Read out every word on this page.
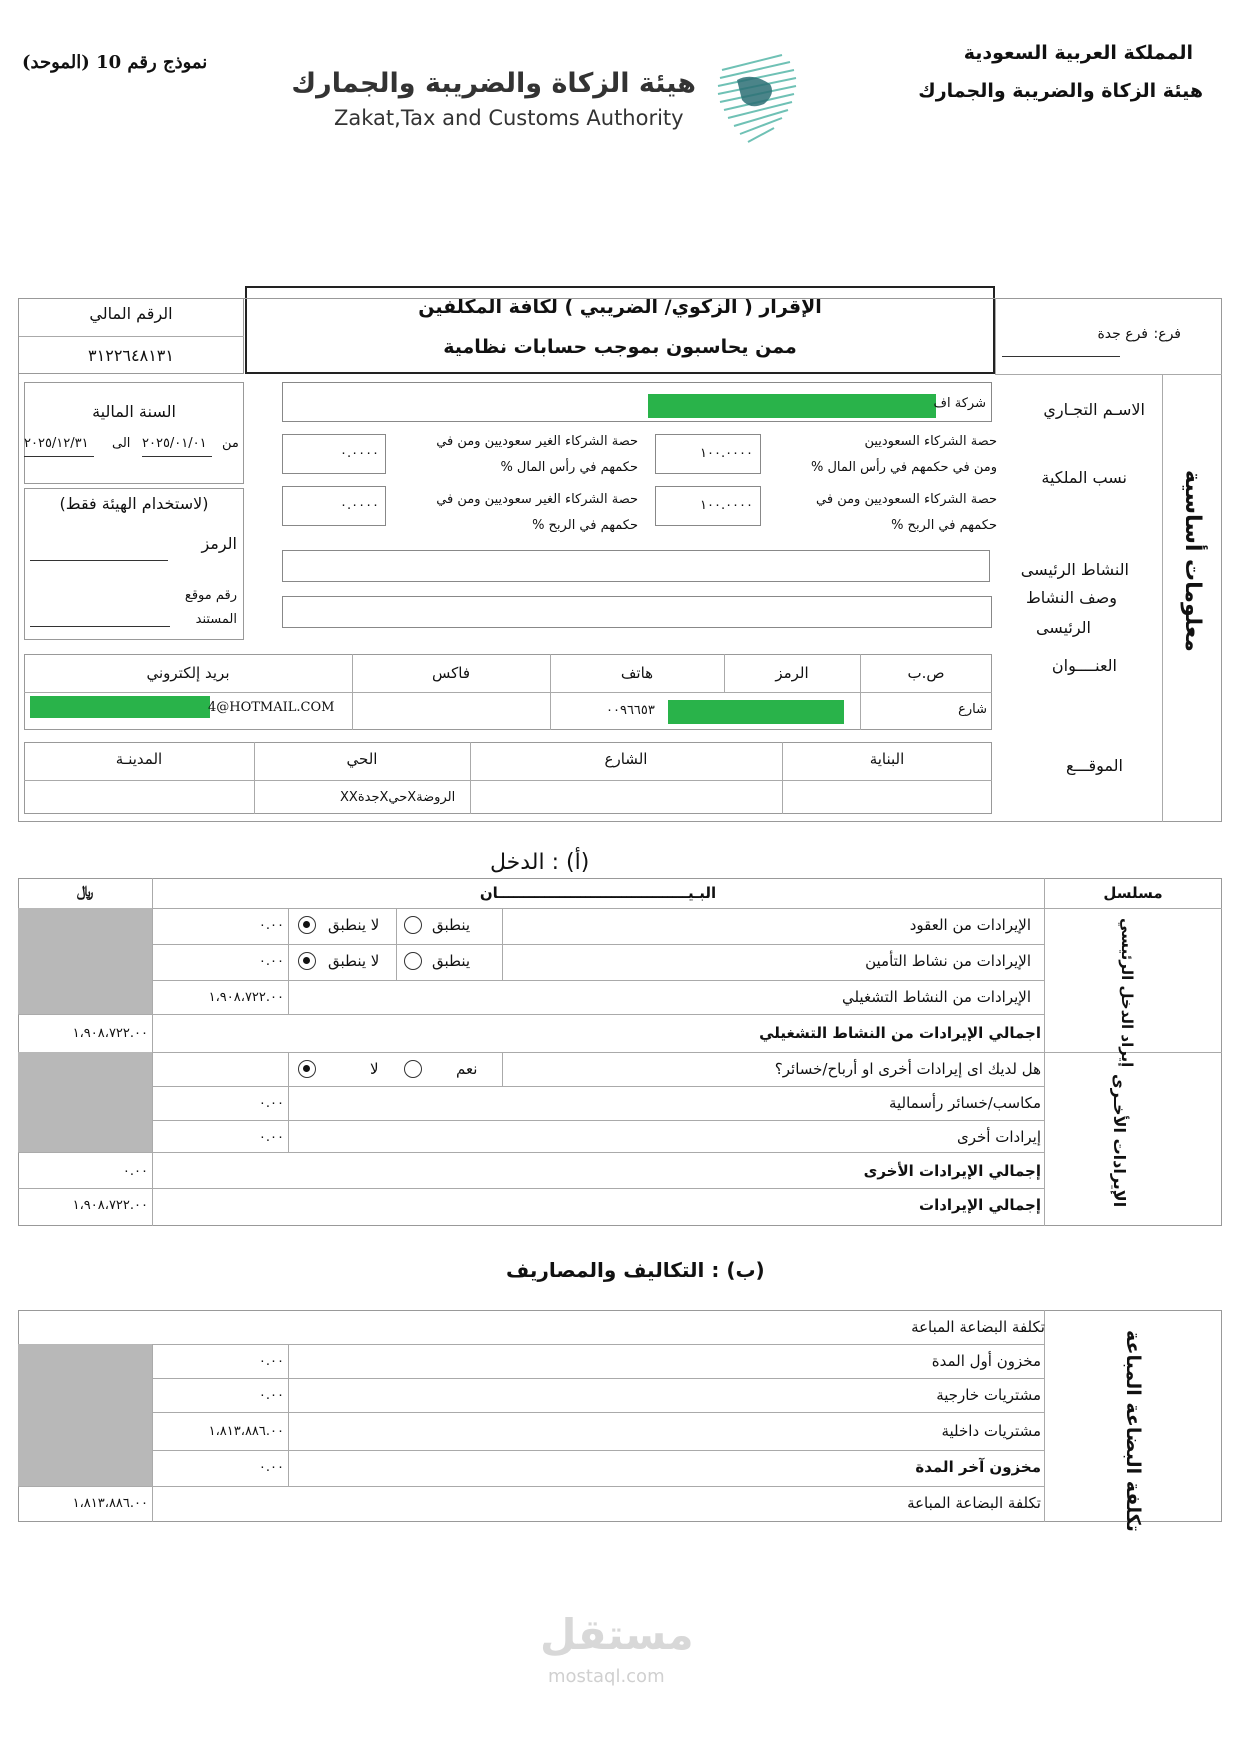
نموذج رقم 10 (الموحد)
هيئة الزكاة والضريبة والجمارك
Zakat,Tax and Customs Authority
المملكة العربية السعودية
هيئة الزكاة والضريبة والجمارك
الإقرار ( الزكوي/ الضريبي ) لكافة المكلفين
ممن يحاسبون بموجب حسابات نظامية
الرقم المالي
٣١٢٢٦٤٨١٣١
فرع:
فرع جدة
معلومات أساسية
السنة المالية
من
٢٠٢٥/٠١/٠١
الى
٢٠٢٥/١٢/٣١
(لاستخدام الهيئة فقط)
الرمز
رقم موقع
المستند
الاسـم التجـاري
شركة اف
نسب الملكية
حصة الشركاء السعوديين
ومن في حكمهم في رأس المال %
١٠٠.٠٠٠٠
حصة الشركاء الغير سعوديين ومن في
حكمهم في رأس المال %
٠.٠٠٠٠
حصة الشركاء السعوديين ومن في
حكمهم في الربح %
١٠٠.٠٠٠٠
حصة الشركاء الغير سعوديين ومن في
حكمهم في الربح %
٠.٠٠٠٠
النشاط الرئيسى
وصف النشاط
الرئيسى
العنــــوان
ص.ب
الرمز
هاتف
فاكس
بريد إلكتروني
شارع
٠٠٩٦٦٥٣
4@HOTMAIL.COM
الموقـــع
البناية
الشارع
الحي
المدينـة
XXجدةXحيXالروضة
(أ) : الدخل
مسلسل
البـيـــــــــــــــــــــــــــــــــــــان
﷼
إيراد الدخل الرئيسي
الإيرادات الأخـرى
الإيرادات من العقود
ينطبق
لا ينطبق
٠.٠٠
اﻹيرادات من نشاط التأمين
ينطبق
لا ينطبق
٠.٠٠
الإيرادات من النشاط التشغيلي
١،٩٠٨،٧٢٢.٠٠
اجمالي الإيرادات من النشاط التشغيلي
١،٩٠٨،٧٢٢.٠٠
هل لديك اى إيرادات أخرى او أرباح/خسائر؟
نعم
لا
مكاسب/خسائر رأسمالية
٠.٠٠
إيرادات أخرى
٠.٠٠
إجمالي الإيرادات الأخرى
٠.٠٠
إجمالي الإيرادات
١،٩٠٨،٧٢٢.٠٠
(ب) : التكاليف والمصاريف
تكلفة البضاعة المباعة
تكلفة البضاعة المباعة
مخزون أول المدة
٠.٠٠
مشتريات خارجية
٠.٠٠
مشتريات داخلية
١،٨١٣،٨٨٦.٠٠
مخزون آخر المدة
٠.٠٠
تكلفة البضاعة المباعة
١،٨١٣،٨٨٦.٠٠
مستقل
mostaql.com
